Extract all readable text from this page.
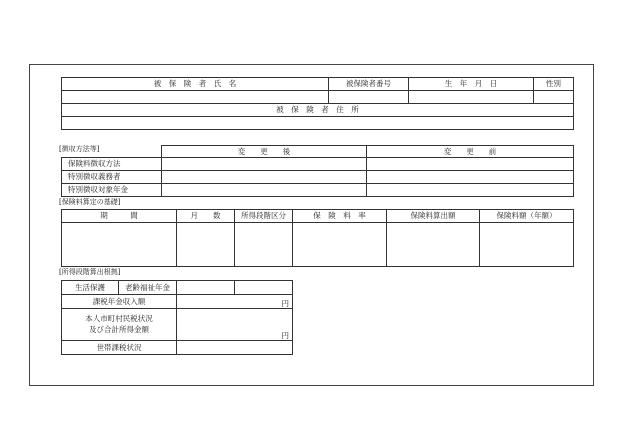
被　保　険　者　氏　名	被保険者番号	生　年　月　日	性別

被　保　険　者　住　所			

[徴収方法等]
		変　　更　　後	変　　更　　前
保険料徴収方法		
特別徴収義務者		
特別徴収対象年金		
[保険料算定の基礎]
期　　　間	月　　数	所得段階区分	保　険　料　率	保険料算出額	保険料額（年額）

[所得段階算出根拠]
生活保護	老齢福祉年金		
課税年金収入額		円	

本人市町村民税状況
及び合計所得金額		円	
世帯課税状況			
